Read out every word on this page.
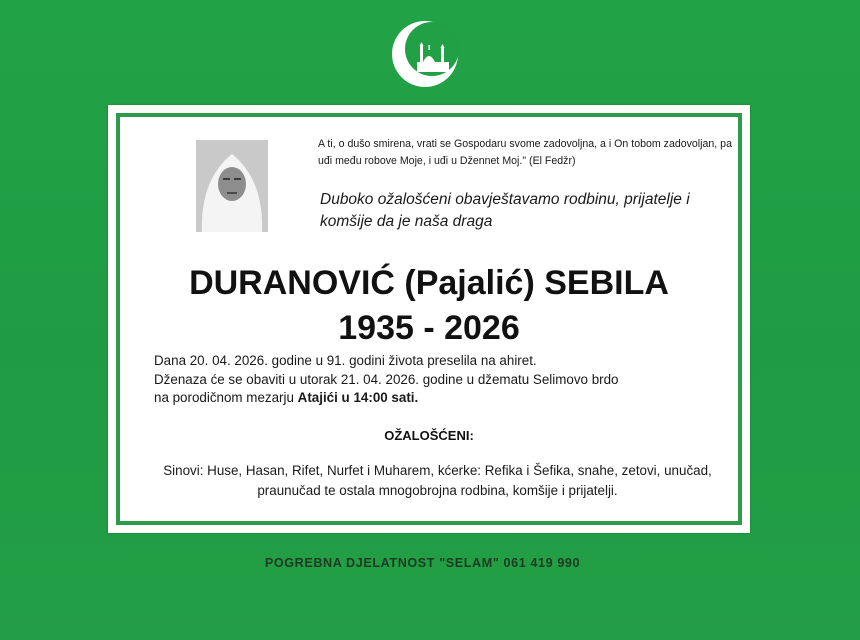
A ti, o dušo smirena, vrati se Gospodaru svome zadovoljna, a i On tobom zadovoljan, pa uđi među robove Moje, i uđi u Džennet Moj." (El Fedžr)
Duboko ožalošćeni obavještavamo rodbinu, prijatelje i komšije da je naša draga
DURANOVIĆ (Pajalić) SEBILA
1935 - 2026
Dana 20. 04. 2026. godine u 91. godini života preselila na ahiret.
Dženaza će se obaviti u utorak 21. 04. 2026. godine u džematu Selimovo brdo
na porodičnom mezarju Atajići u 14:00 sati.
OŽALOŠĆENI:
Sinovi: Huse, Hasan, Rifet, Nurfet i Muharem, kćerke: Refika i Šefika, snahe, zetovi, unučad, praunučad te ostala mnogobrojna rodbina, komšije i prijatelji.
POGREBNA DJELATNOST "SELAM" 061 419 990
